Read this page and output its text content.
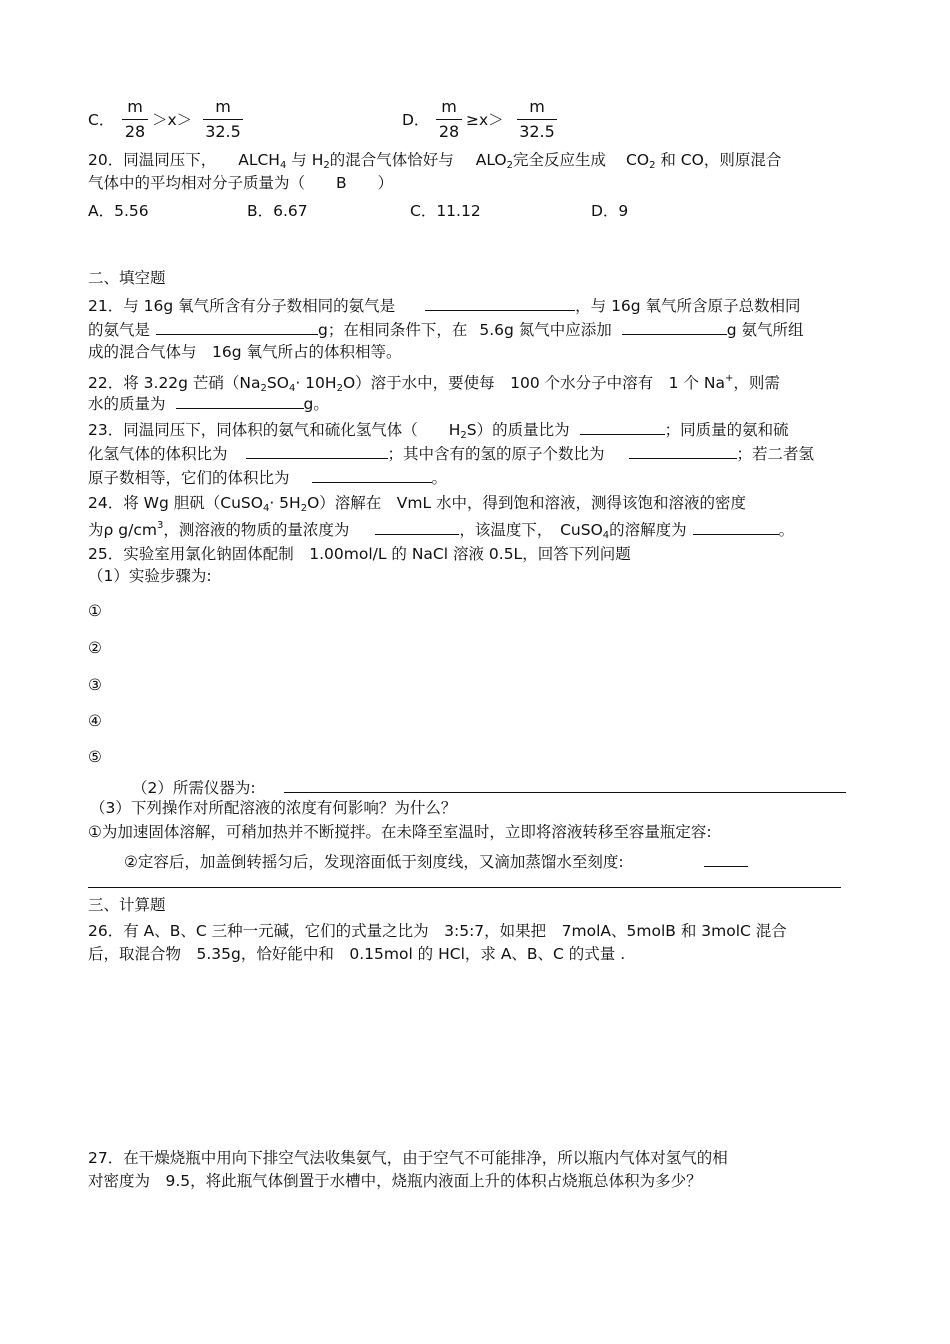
C．
m
28
＞x＞
m
32.5
D．
m
28
≥x＞
m
32.5
20．同温同压下， $ALCH_4$ 与 $H_2$的混合气体恰好与 $ALO_2$完全反应生成 $CO_2$ 和 CO，则原混合
气体中的平均相对分子质量为（　　B　　）
A．5.56	B．6.67	C．11.12	D．9
二、填空题
21．与 16g 氧气所含有分子数相同的氨气是	，与 16g 氧气所含原子总数相同
的氨气是	g；在相同条件下，在 5.6g 氮气中应添加	g 氨气所组
成的混合气体与　16g 氧气所占的体积相等。
22．将 3.22g 芒硝$(Na_2SO_4\cdot 10H_2O)$溶于水中，要使每　100 个水分子中溶有　1 个 Na+，则需
水的质量为	g。
23．同温同压下，同体积的氨气和硫化氢气体（　　$H_2S$）的质量比为	；同质量的氨和硫
化氢气体的体积比为	；其中含有的氢的原子个数比为	；若二者氢
原子数相等，它们的体积比为	。
24．将 Wg 胆矾（CuSO$_4$· $5H_2O$）溶解在　VmL 水中，得到饱和溶液，测得该饱和溶液的密度
为ρ $g/cm^3$，测溶液的物质的量浓度为	，该温度下，　CuSO$_4$的溶解度为	。
25．实验室用氯化钠固体配制　1.00mol/L 的 NaCl 溶液 0.5L，回答下列问题
（1）实验步骤为:
①
②
③
④
⑤
（2）所需仪器为:
（3）下列操作对所配溶液的浓度有何影响？为什么？
①为加速固体溶解，可稍加热并不断搅拌。在未降至室温时，立即将溶液转移至容量瓶定容:
②定容后，加盖倒转摇匀后，发现溶面低于刻度线，又滴加蒸馏水至刻度:
三、计算题
26．有 A、B、C 三种一元碱，它们的式量之比为　3:5:7，如果把　7molA、5molB 和 3molC 混合
后，取混合物　5.35g，恰好能中和　0.15mol 的 HCl，求 A、B、C 的式量 .
27．在干燥烧瓶中用向下排空气法收集氨气，由于空气不可能排净，所以瓶内气体对氢气的相
对密度为　9.5，将此瓶气体倒置于水槽中，烧瓶内液面上升的体积占烧瓶总体积为多少？
